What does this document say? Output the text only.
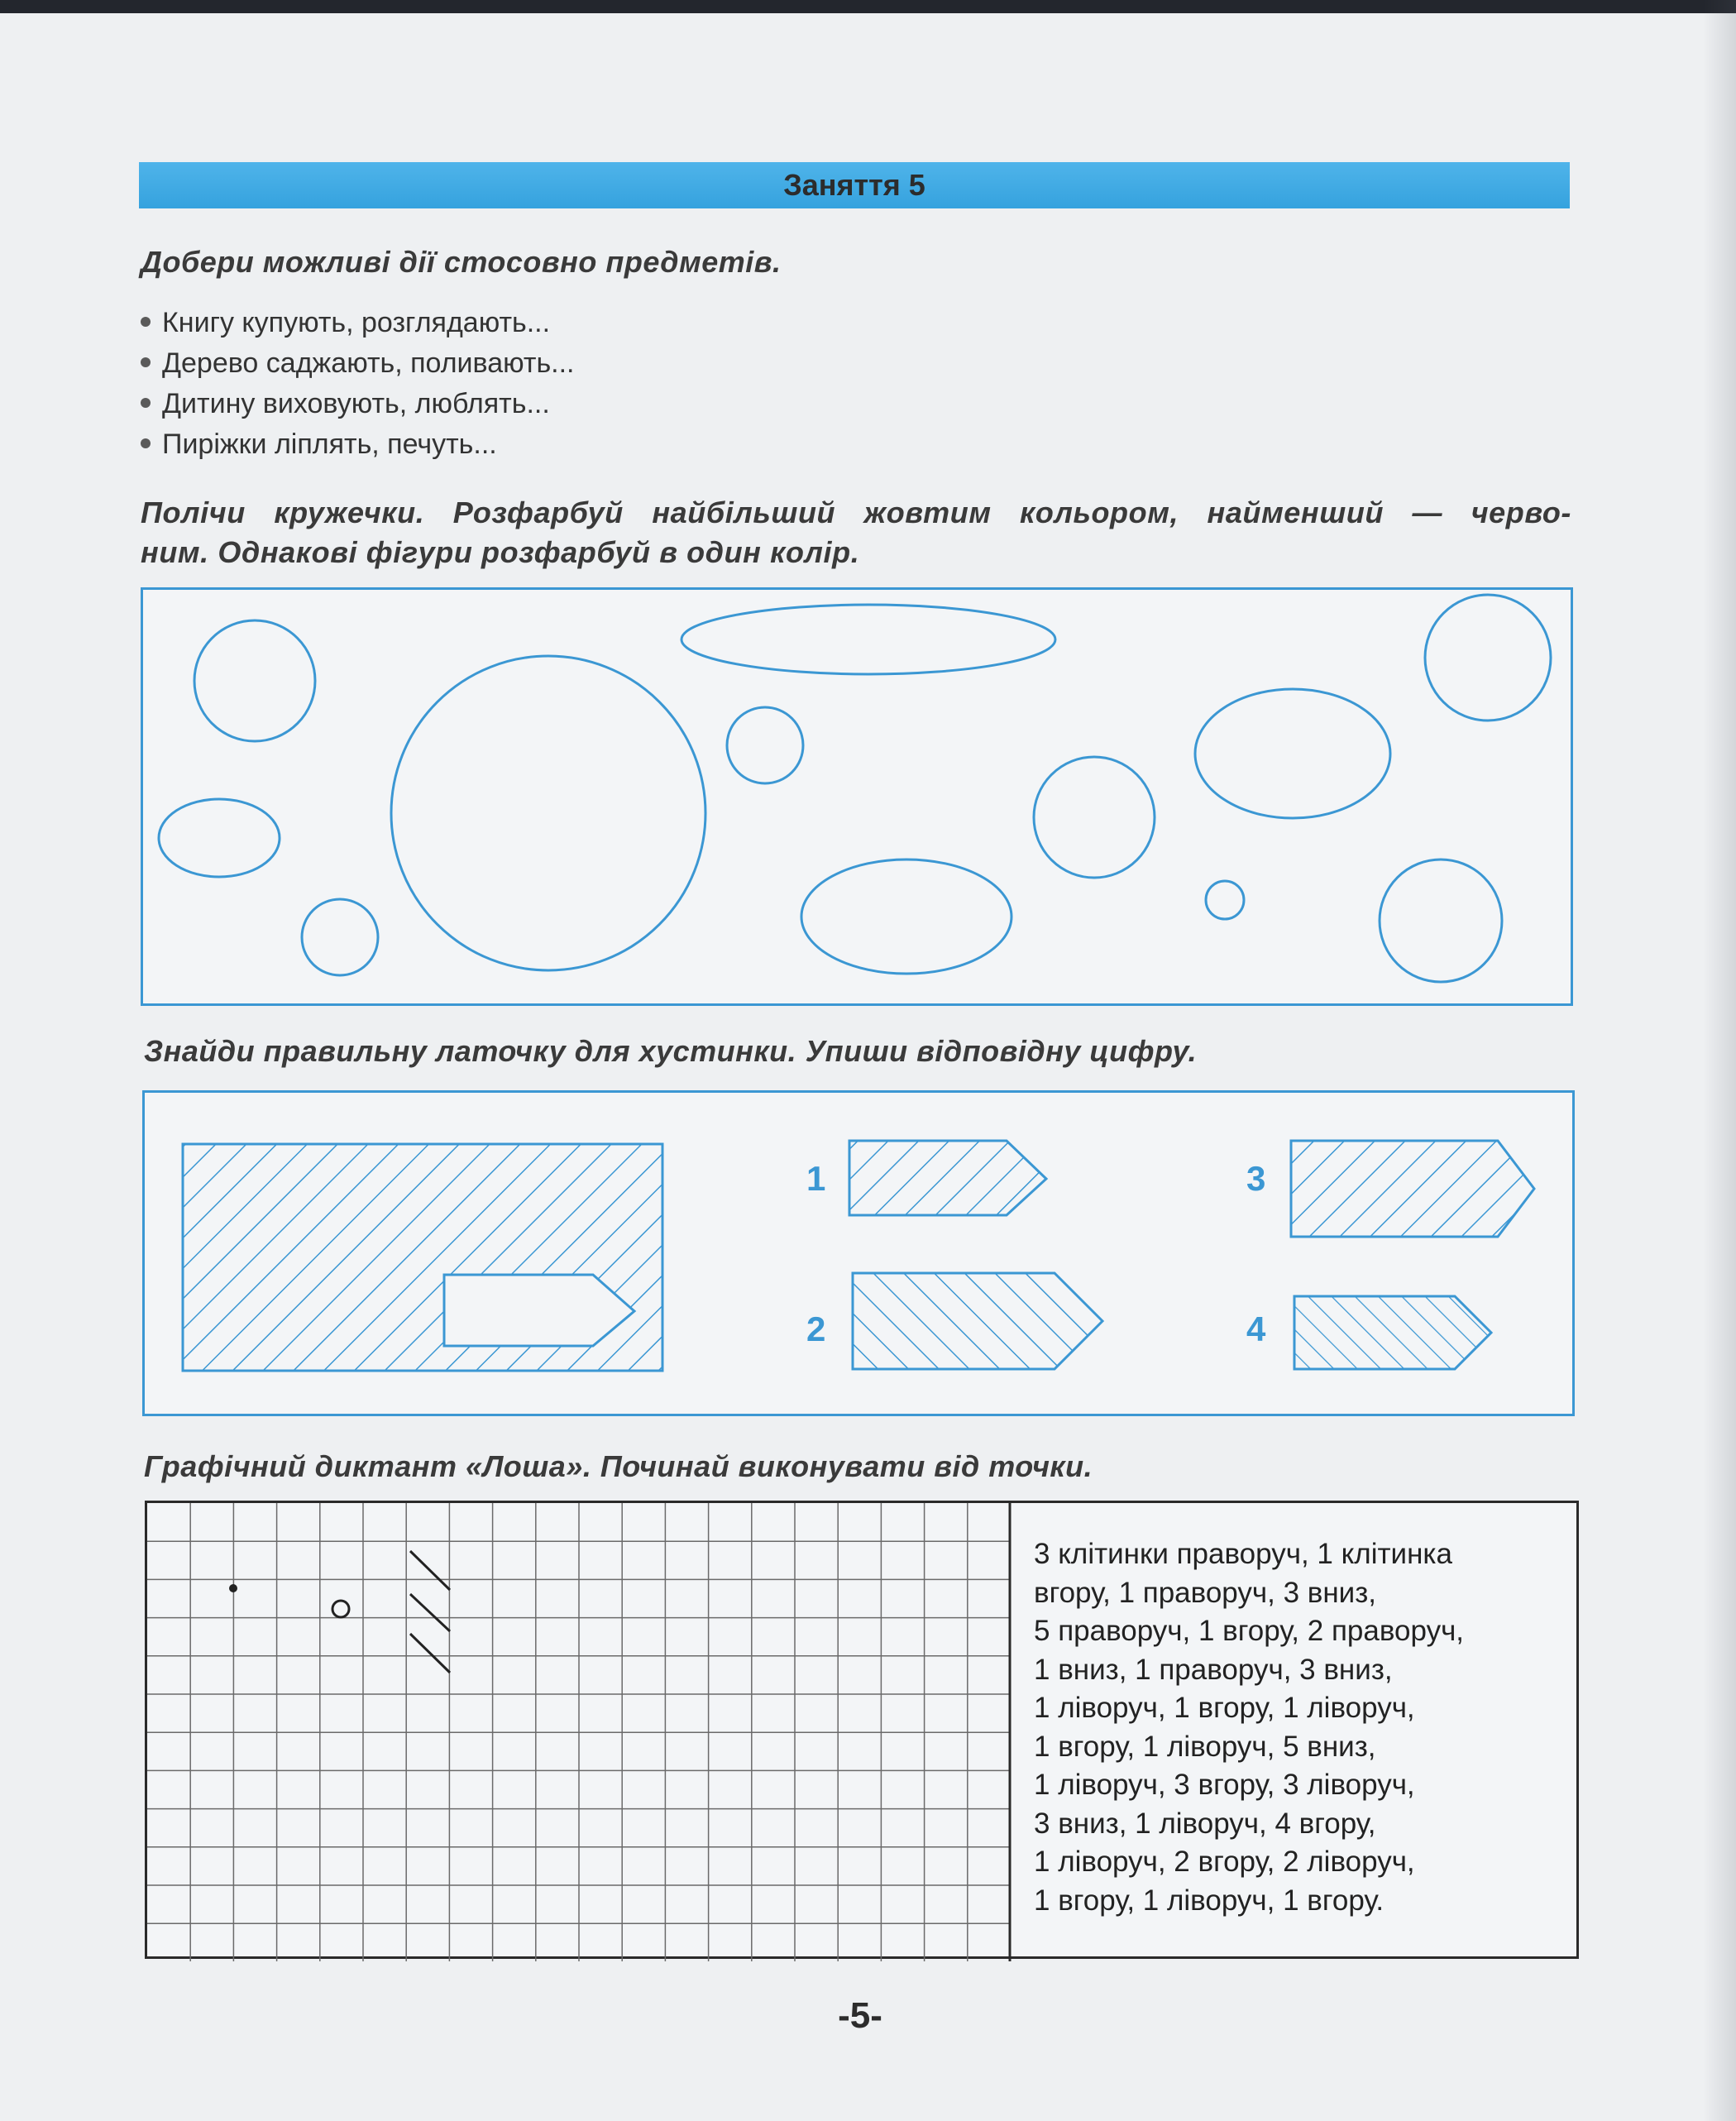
Заняття 5
Добери можливі дії стосовно предметів.
Книгу купують, розглядають...
Дерево саджають, поливають...
Дитину виховують, люблять...
Пиріжки ліплять, печуть...
Полічи кружечки. Розфарбуй найбільший жовтим кольором, найменший — черво-
ним. Однакові фігури розфарбуй в один колір.
Знайди правильну латочку для хустинки. Упиши відповідну цифру.
1
2
3
4
Графічний диктант «Лоша». Починай виконувати від точки.
3 клітинки праворуч, 1 клітинка
вгору, 1 праворуч, 3 вниз,
5 праворуч, 1 вгору, 2 праворуч,
1 вниз, 1 праворуч, 3 вниз,
1 ліворуч, 1 вгору, 1 ліворуч,
1 вгору, 1 ліворуч, 5 вниз,
1 ліворуч, 3 вгору, 3 ліворуч,
3 вниз, 1 ліворуч, 4 вгору,
1 ліворуч, 2 вгору, 2 ліворуч,
1 вгору, 1 ліворуч, 1 вгору.
-5-
